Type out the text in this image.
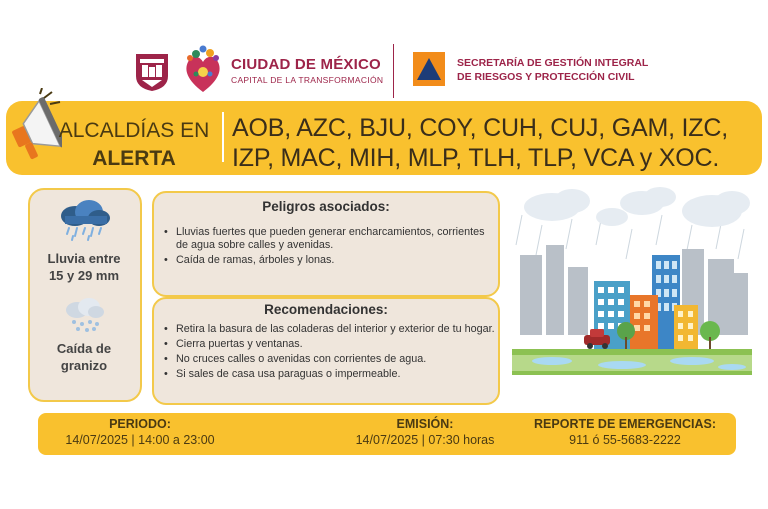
CIUDAD DE MÉXICO
CAPITAL DE LA TRANSFORMACIÓN
SECRETARÍA DE GESTIÓN INTEGRAL
DE RIESGOS Y PROTECCIÓN CIVIL
ALCALDÍAS EN
ALERTA
AOB, AZC, BJU, COY, CUH, CUJ, GAM, IZC,
IZP, MAC, MIH, MLP, TLH, TLP, VCA y XOC.
Lluvia entre
15 y 29 mm
Caída de
granizo
Peligros asociados:
• Lluvias fuertes que pueden generar encharcamientos, corrientes de agua sobre calles y avenidas.
• Caída de ramas, árboles y lonas.
Recomendaciones:
• Retira la basura de las coladeras del interior y exterior de tu hogar.
• Cierra puertas y ventanas.
• No cruces calles o avenidas con corrientes de agua.
• Si sales de casa usa paraguas o impermeable.
PERIODO:
14/07/2025 | 14:00 a 23:00
EMISIÓN:
14/07/2025 | 07:30 horas
REPORTE DE EMERGENCIAS:
911 ó 55-5683-2222
